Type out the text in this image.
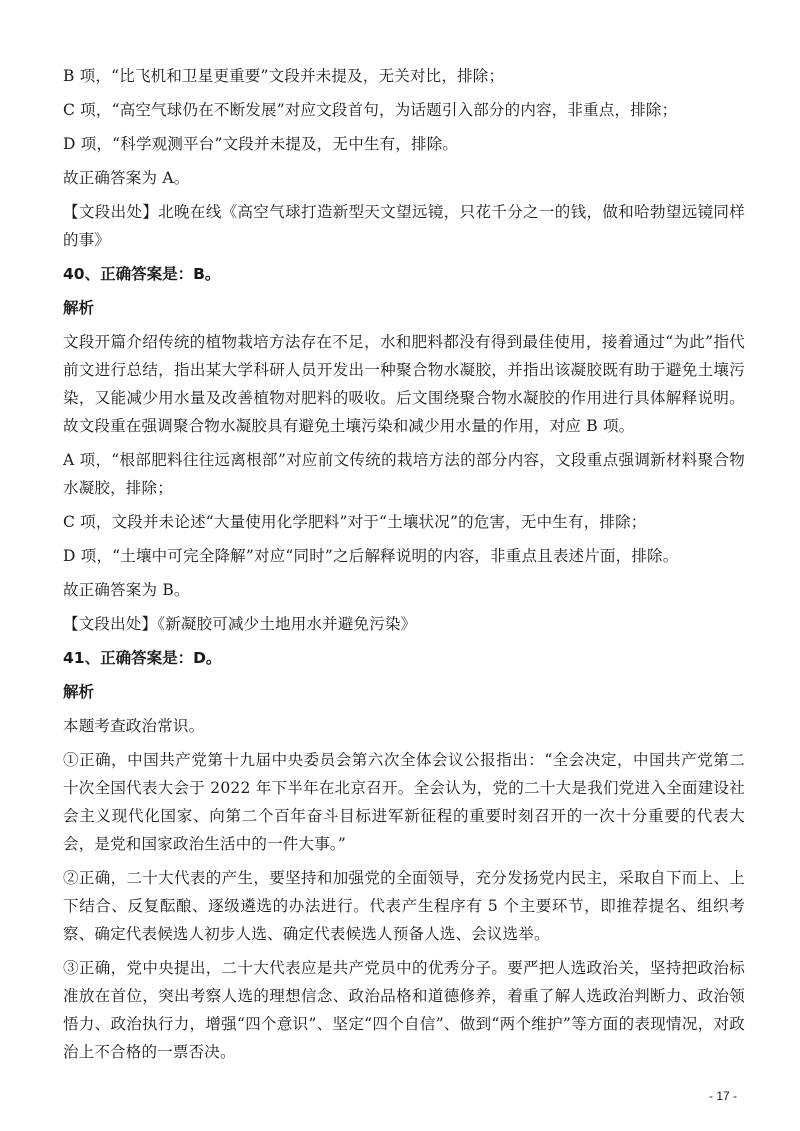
B 项，“比飞机和卫星更重要”文段并未提及，无关对比，排除；

C 项，“高空气球仍在不断发展”对应文段首句，为话题引入部分的内容，非重点，排除；

D 项，“科学观测平台”文段并未提及，无中生有，排除。

故正确答案为 A。

【文段出处】北晚在线《高空气球打造新型天文望远镜，只花千分之一的钱，做和哈勃望远镜同样的事》

40、正确答案是：B。

解析

文段开篇介绍传统的植物栽培方法存在不足，水和肥料都没有得到最佳使用，接着通过“为此”指代前文进行总结，指出某大学科研人员开发出一种聚合物水凝胶，并指出该凝胶既有助于避免土壤污染，又能减少用水量及改善植物对肥料的吸收。后文围绕聚合物水凝胶的作用进行具体解释说明。故文段重在强调聚合物水凝胶具有避免土壤污染和减少用水量的作用，对应 B 项。

A 项，“根部肥料往往远离根部”对应前文传统的栽培方法的部分内容，文段重点强调新材料聚合物水凝胶，排除；

C 项，文段并未论述“大量使用化学肥料”对于“土壤状况”的危害，无中生有，排除；

D 项，“土壤中可完全降解”对应“同时”之后解释说明的内容，非重点且表述片面，排除。

故正确答案为 B。

【文段出处】《新凝胶可减少土地用水并避免污染》

41、正确答案是：D。

解析

本题考查政治常识。

①正确，中国共产党第十九届中央委员会第六次全体会议公报指出：“全会决定，中国共产党第二十次全国代表大会于 2022 年下半年在北京召开。全会认为，党的二十大是我们党进入全面建设社会主义现代化国家、向第二个百年奋斗目标进军新征程的重要时刻召开的一次十分重要的代表大会，是党和国家政治生活中的一件大事。”

②正确，二十大代表的产生，要坚持和加强党的全面领导，充分发扬党内民主，采取自下而上、上下结合、反复酝酿、逐级遴选的办法进行。代表产生程序有 5 个主要环节，即推荐提名、组织考察、确定代表候选人初步人选、确定代表候选人预备人选、会议选举。

③正确，党中央提出，二十大代表应是共产党员中的优秀分子。要严把人选政治关，坚持把政治标准放在首位，突出考察人选的理想信念、政治品格和道德修养，着重了解人选政治判断力、政治领悟力、政治执行力，增强“四个意识”、坚定“四个自信”、做到“两个维护”等方面的表现情况，对政治上不合格的一票否决。

- 17 -
